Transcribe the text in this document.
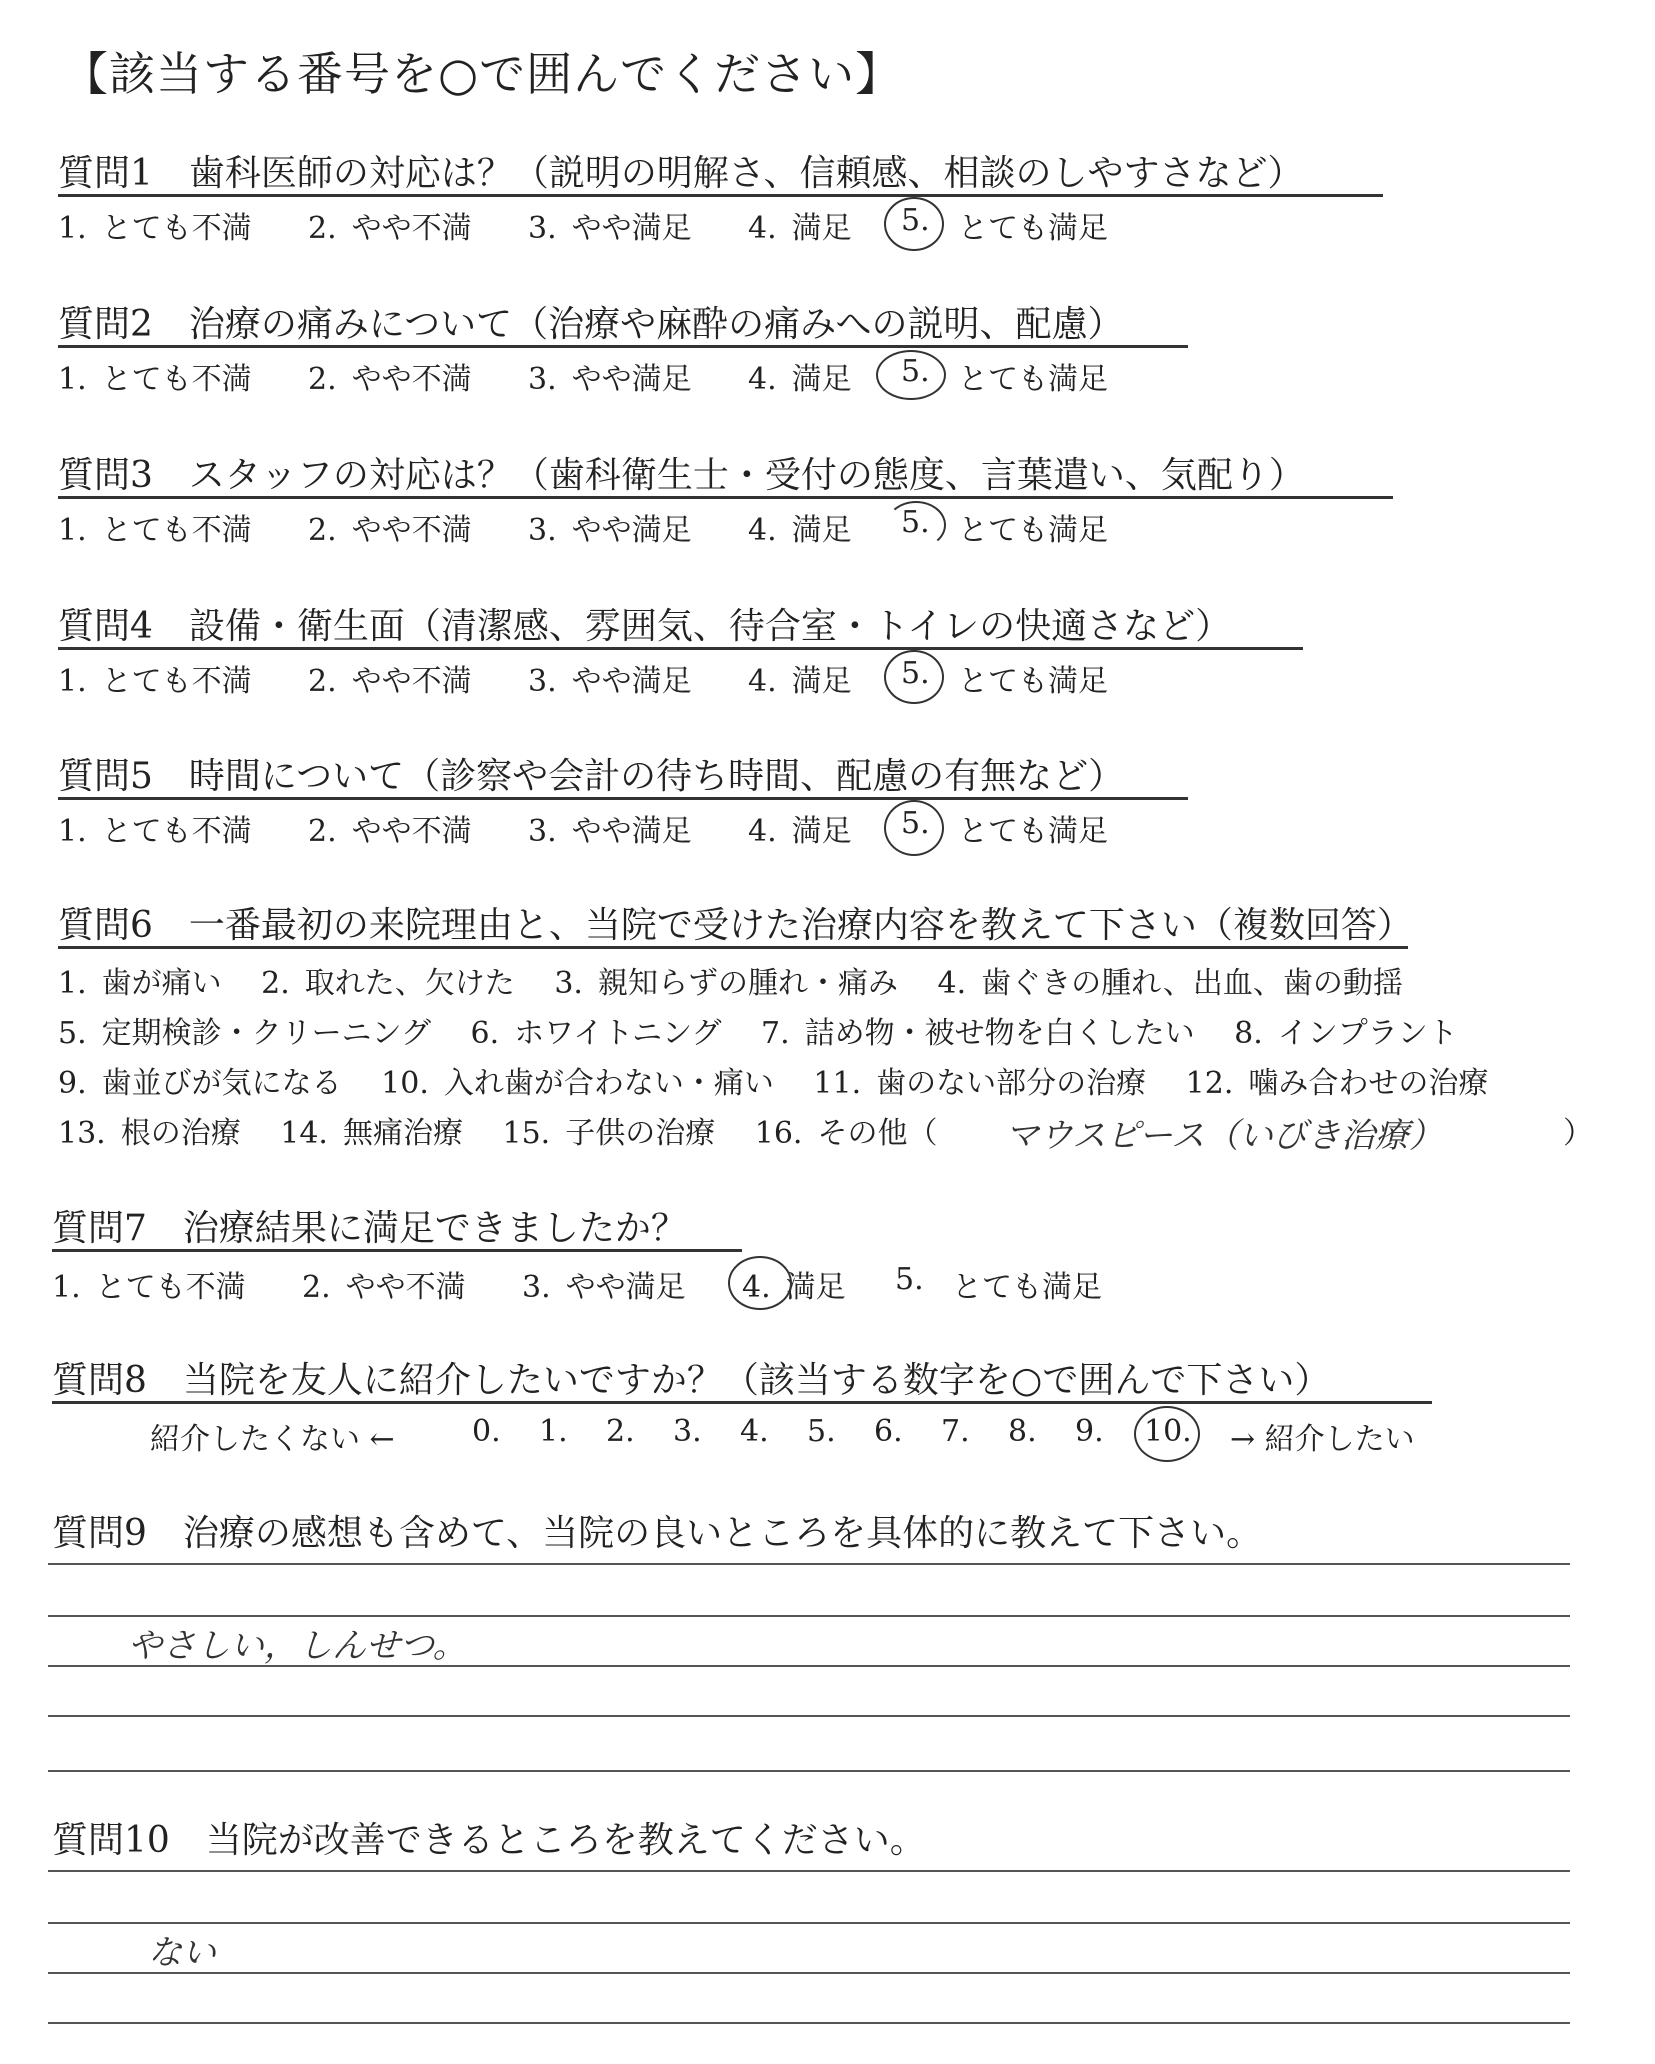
【該当する番号を○で囲んでください】
質問1　歯科医師の対応は？（説明の明解さ、信頼感、相談のしやすさなど）
1. とても不満 2. やや不満 3. やや満足 4. 満足 5. とても満足
質問2　治療の痛みについて（治療や麻酔の痛みへの説明、配慮）
1. とても不満 2. やや不満 3. やや満足 4. 満足 5. とても満足
質問3　スタッフの対応は？（歯科衛生士・受付の態度、言葉遣い、気配り）
1. とても不満 2. やや不満 3. やや満足 4. 満足 5. とても満足
質問4　設備・衛生面（清潔感、雰囲気、待合室・トイレの快適さなど）
1. とても不満 2. やや不満 3. やや満足 4. 満足 5. とても満足
質問5　時間について（診察や会計の待ち時間、配慮の有無など）
1. とても不満 2. やや不満 3. やや満足 4. 満足 5. とても満足
質問6　一番最初の来院理由と、当院で受けた治療内容を教えて下さい（複数回答）
1. 歯が痛い　 2. 取れた、欠けた　 3. 親知らずの腫れ・痛み　 4. 歯ぐきの腫れ、出血、歯の動揺
5. 定期検診・クリーニング　 6. ホワイトニング　 7. 詰め物・被せ物を白くしたい　 8. インプラント
9. 歯並びが気になる　 10. 入れ歯が合わない・痛い　 11. 歯のない部分の治療　 12. 噛み合わせの治療
13. 根の治療　 14. 無痛治療　 15. 子供の治療　 16. その他（ マウスピース（いびき治療）	）
質問7　治療結果に満足できましたか？
1. とても不満 2. やや不満 3. やや満足 4. 満足 5. とても満足
質問8　当院を友人に紹介したいですか？（該当する数字を○で囲んで下さい）
紹介したくない ←	0. 1. 2. 3. 4. 5. 6. 7. 8. 9. 10. → 紹介したい
質問9　治療の感想も含めて、当院の良いところを具体的に教えて下さい。
やさしい，しんせつ。
質問10　当院が改善できるところを教えてください。
ない
